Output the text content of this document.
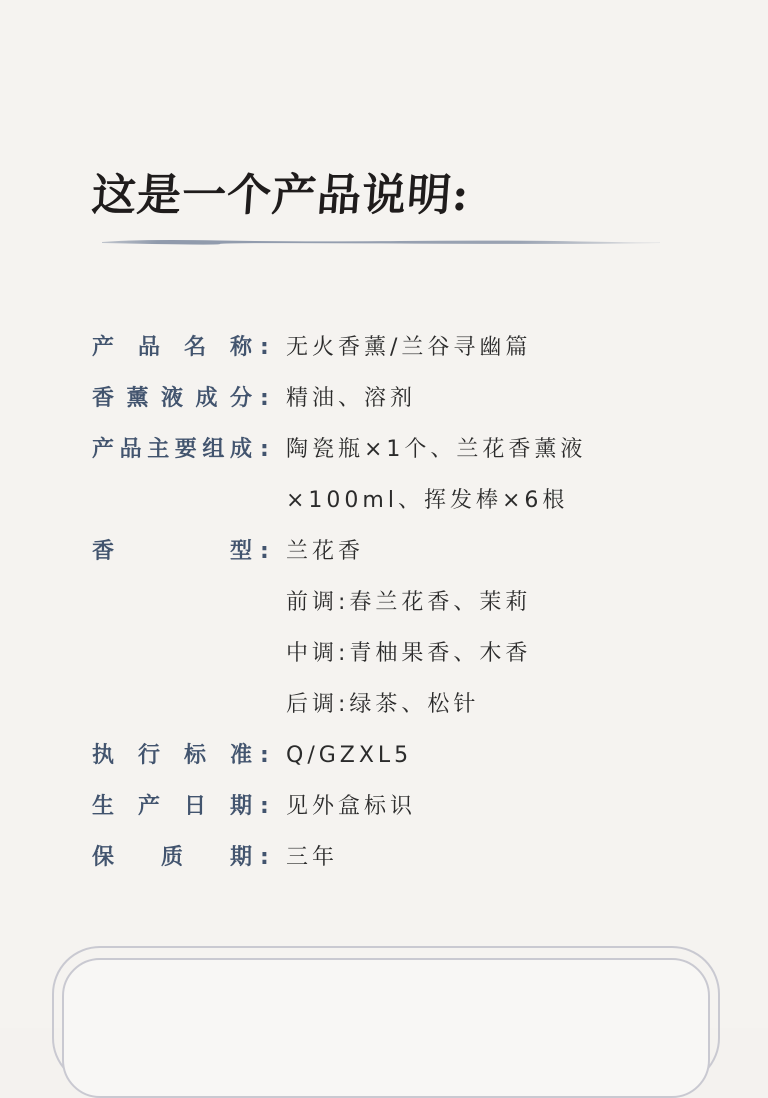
这是一个产品说明:
产 品 名 称 : 无火香薰/兰谷寻幽篇
香 薰 液 成 分 : 精油、溶剂
产 品 主 要 组 成 : 陶瓷瓶×1个、兰花香薰液
×100ml、挥发棒×6根
香	型 : 兰花香
前调:春兰花香、茉莉
中调:青柚果香、木香
后调:绿茶、松针
执 行 标 准 : Q/GZXL5
生 产 日 期 : 见外盒标识
保 质 期 : 三年
